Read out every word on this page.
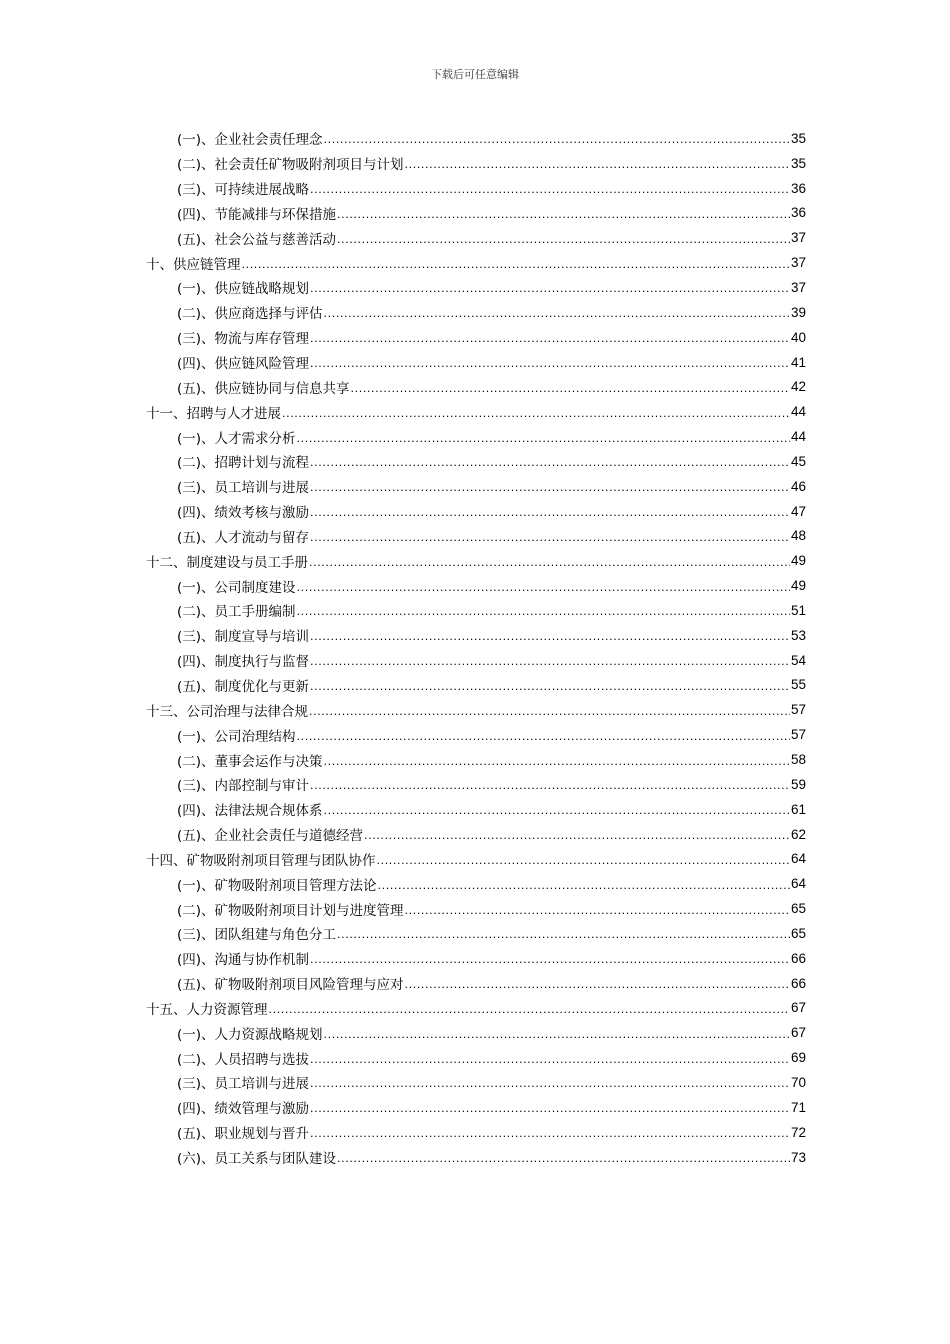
下载后可任意编辑
(一)、企业社会责任理念 .....	35
(二)、社会责任矿物吸附剂项目与计划 .....	35
(三)、可持续进展战略 .....	36
(四)、节能减排与环保措施 .....	36
(五)、社会公益与慈善活动 .....	37
十、供应链管理 .....	37
(一)、供应链战略规划 .....	37
(二)、供应商选择与评估 .....	39
(三)、物流与库存管理 .....	40
(四)、供应链风险管理 .....	41
(五)、供应链协同与信息共享 .....	42
十一、招聘与人才进展 .....	44
(一)、人才需求分析 .....	44
(二)、招聘计划与流程 .....	45
(三)、员工培训与进展 .....	46
(四)、绩效考核与激励 .....	47
(五)、人才流动与留存 .....	48
十二、制度建设与员工手册 .....	49
(一)、公司制度建设 .....	49
(二)、员工手册编制 .....	51
(三)、制度宣导与培训 .....	53
(四)、制度执行与监督 .....	54
(五)、制度优化与更新 .....	55
十三、公司治理与法律合规 .....	57
(一)、公司治理结构 .....	57
(二)、董事会运作与决策 .....	58
(三)、内部控制与审计 .....	59
(四)、法律法规合规体系 .....	61
(五)、企业社会责任与道德经营 .....	62
十四、矿物吸附剂项目管理与团队协作 .....	64
(一)、矿物吸附剂项目管理方法论 .....	64
(二)、矿物吸附剂项目计划与进度管理 .....	65
(三)、团队组建与角色分工 .....	65
(四)、沟通与协作机制 .....	66
(五)、矿物吸附剂项目风险管理与应对 .....	66
十五、人力资源管理 .....	67
(一)、人力资源战略规划 .....	67
(二)、人员招聘与选拔 .....	69
(三)、员工培训与进展 .....	70
(四)、绩效管理与激励 .....	71
(五)、职业规划与晋升 .....	72
(六)、员工关系与团队建设 .....	73
